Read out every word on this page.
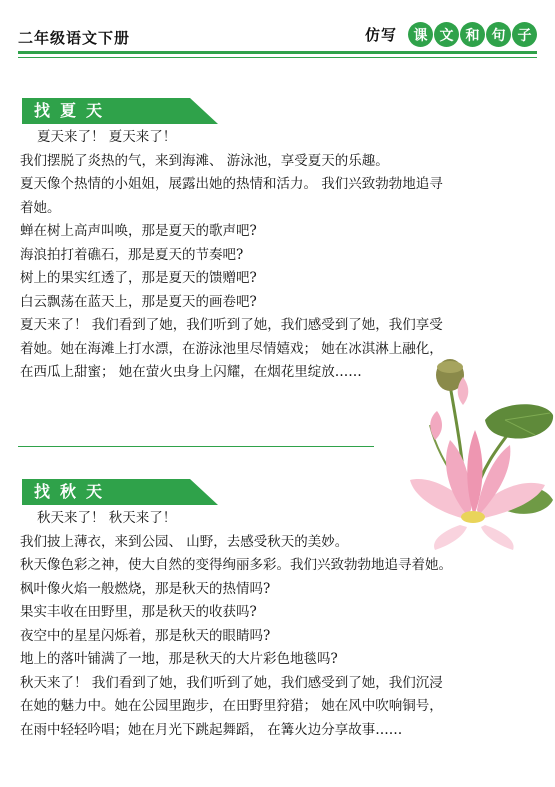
二年级语文下册	仿写	课 文 和 句 子
找夏天

夏天来了！ 夏天来了！

我们摆脱了炎热的气，来到海滩、 游泳池，享受夏天的乐趣。

夏天像个热情的小姐姐，展露出她的热情和活力。 我们兴致勃勃地追寻

着她。

蝉在树上高声叫唤，那是夏天的歌声吧?

海浪拍打着礁石，那是夏天的节奏吧?

树上的果实红透了，那是夏天的馈赠吧?

白云飘荡在蓝天上，那是夏天的画卷吧?

夏天来了！ 我们看到了她，我们听到了她，我们感受到了她，我们享受

着她。她在海滩上打水漂，在游泳池里尽情嬉戏； 她在冰淇淋上融化，

在西瓜上甜蜜； 她在萤火虫身上闪耀，在烟花里绽放……

找秋天

秋天来了！ 秋天来了！

我们披上薄衣，来到公园、 山野，去感受秋天的美妙。

秋天像色彩之神，使大自然的变得绚丽多彩。我们兴致勃勃地追寻着她。

枫叶像火焰一般燃烧，那是秋天的热情吗?

果实丰收在田野里，那是秋天的收获吗?

夜空中的星星闪烁着，那是秋天的眼睛吗?

地上的落叶铺满了一地，那是秋天的大片彩色地毯吗?

秋天来了！ 我们看到了她，我们听到了她，我们感受到了她，我们沉浸

在她的魅力中。她在公园里跑步，在田野里狩猎； 她在风中吹响铜号，

在雨中轻轻吟唱；她在月光下跳起舞蹈， 在篝火边分享故事……
